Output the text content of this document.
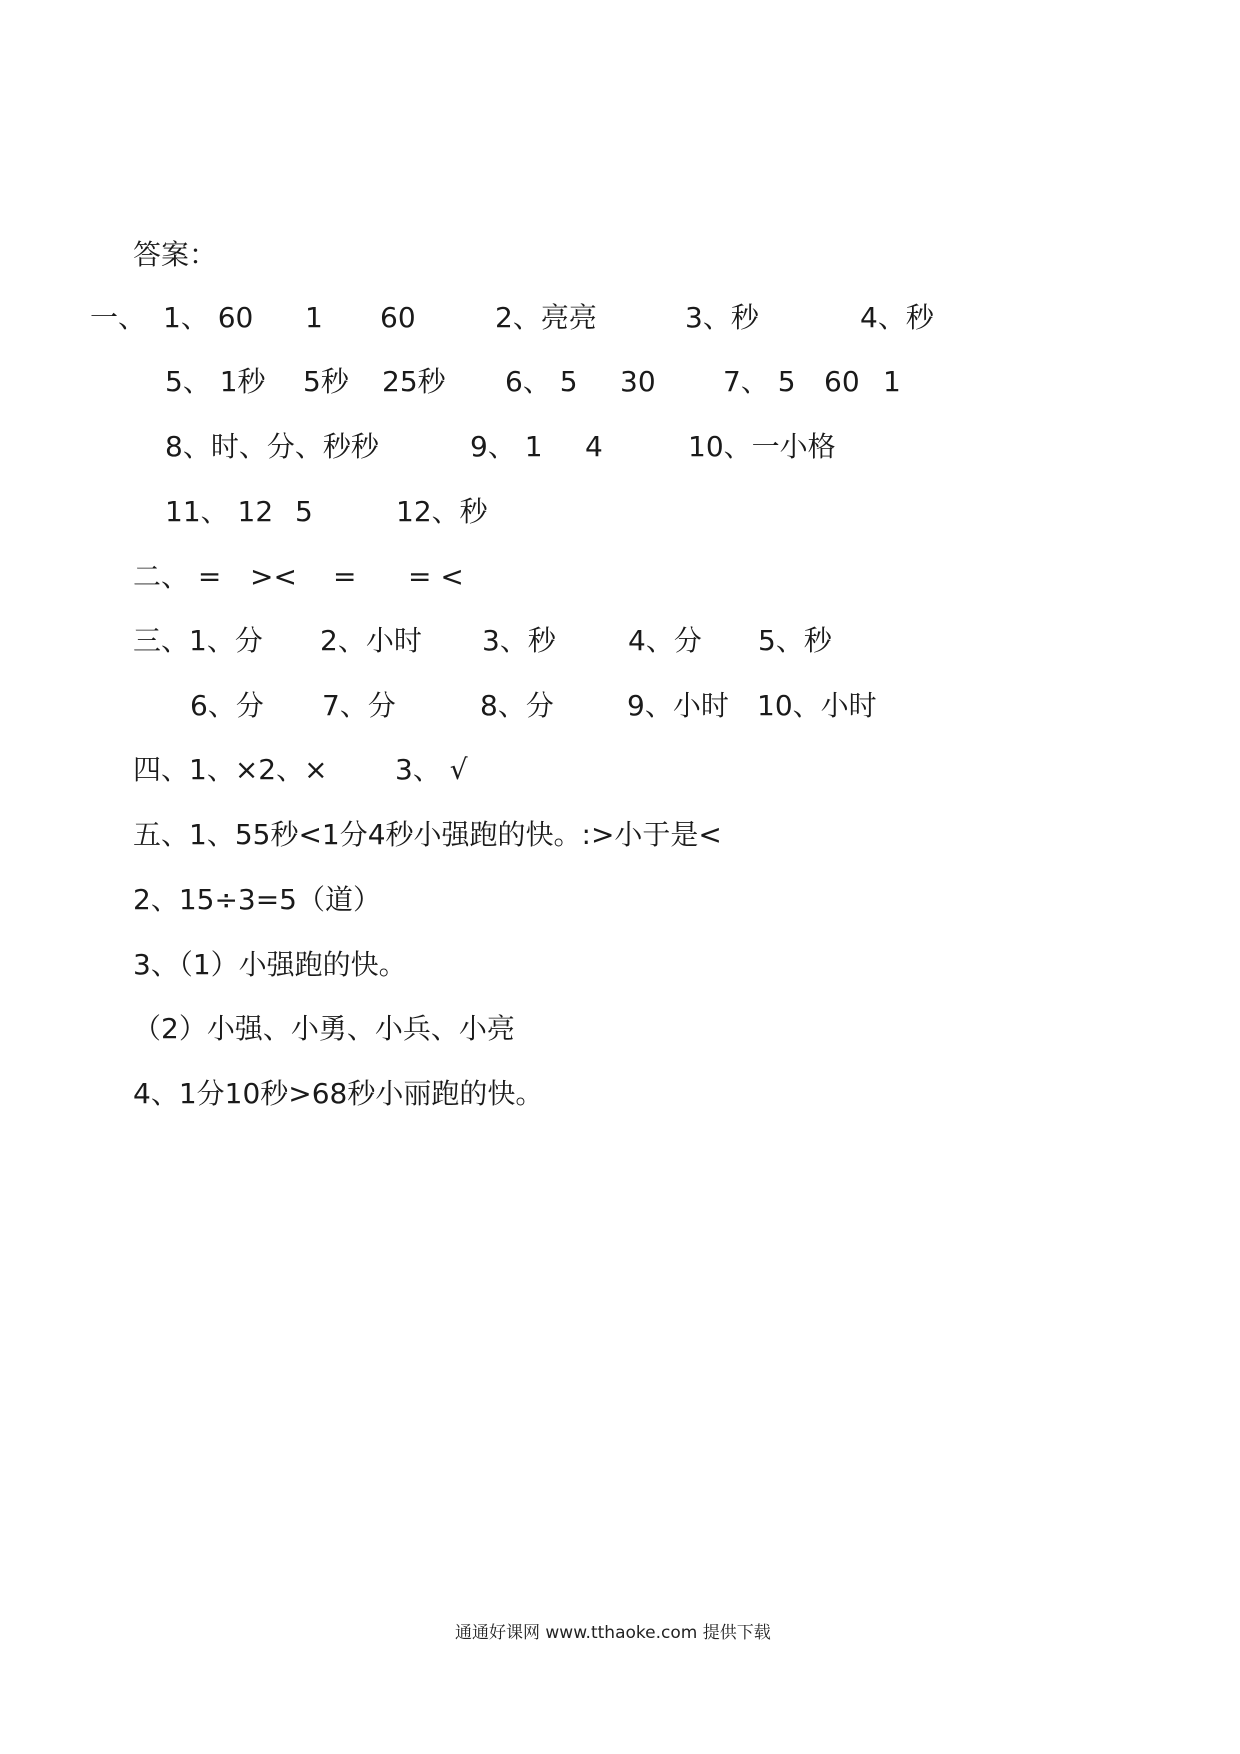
答案：
一、 1、 60 1 60	2、亮亮	3、秒	4、秒
5、 1秒 5秒 25秒 6、 5 30 7、 5 60 1
8、时、分、秒秒	9、 1 4	10、一小格
11、 12 5	12、秒
二、 = >< = = <
三、1、分 2、小时 3、秒	4、分 5、秒
6、分 7、分	8、分	9、小时 10、小时
四、1、×2、× 3、 √
五、1、55秒<1分4秒小强跑的快。:>小于是<
2、15÷3=5（道）
3、（1）小强跑的快。
（2）小强、小勇、小兵、小亮
4、1分10秒>68秒小丽跑的快。
通通好课网 www.tthaoke.com 提供下载
